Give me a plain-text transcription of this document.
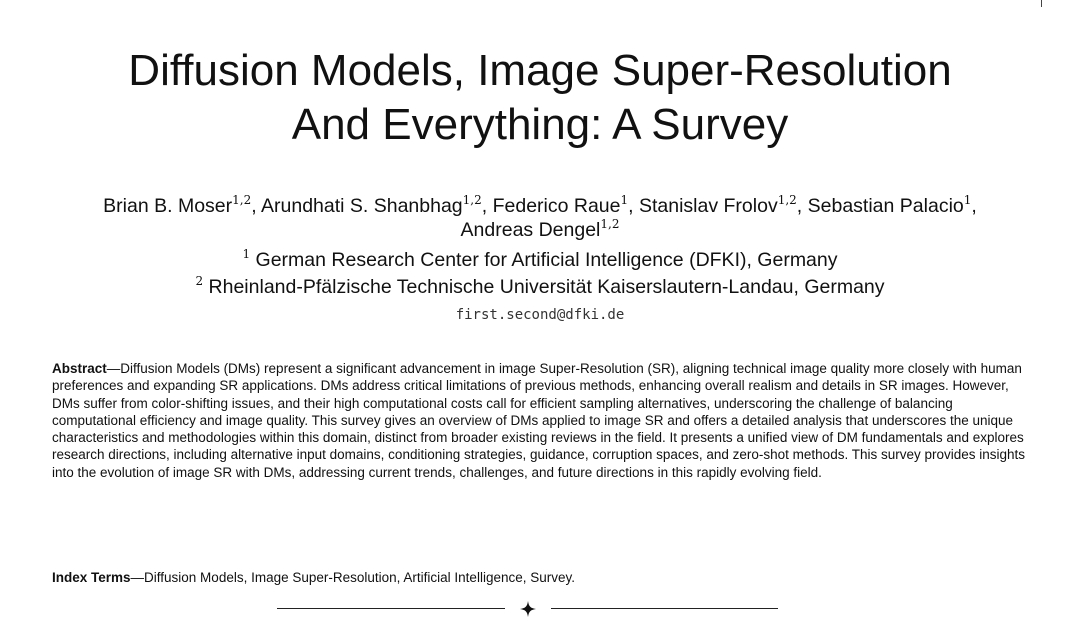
Diffusion Models, Image Super-Resolution
And Everything: A Survey
Brian B. Moser$^{1,2}$, Arundhati S. Shanbhag$^{1,2}$, Federico Raue$^1$, Stanislav Frolov$^{1,2}$, Sebastian Palacio$^1$,
Andreas Dengel$^{1,2}$
$^1$ German Research Center for Artificial Intelligence (DFKI), Germany
$^2$ Rheinland-Pfälzische Technische Universität Kaiserslautern-Landau, Germany
first.second@dfki.de

Abstract—Diffusion Models (DMs) represent a significant advancement in image Super-Resolution (SR), aligning technical image quality more closely with human preferences and expanding SR applications. DMs address critical limitations of previous methods, enhancing overall realism and details in SR images. However, DMs suffer from color-shifting issues, and their high computational costs call for efficient sampling alternatives, underscoring the challenge of balancing computational efficiency and image quality. This survey gives an overview of DMs applied to image SR and offers a detailed analysis that underscores the unique characteristics and methodologies within this domain, distinct from broader existing reviews in the field. It presents a unified view of DM fundamentals and explores research directions, including alternative input domains, conditioning strategies, guidance, corruption spaces, and zero-shot methods. This survey provides insights into the evolution of image SR with DMs, addressing current trends, challenges, and future directions in this rapidly evolving field.

Index Terms—Diffusion Models, Image Super-Resolution, Artificial Intelligence, Survey.
